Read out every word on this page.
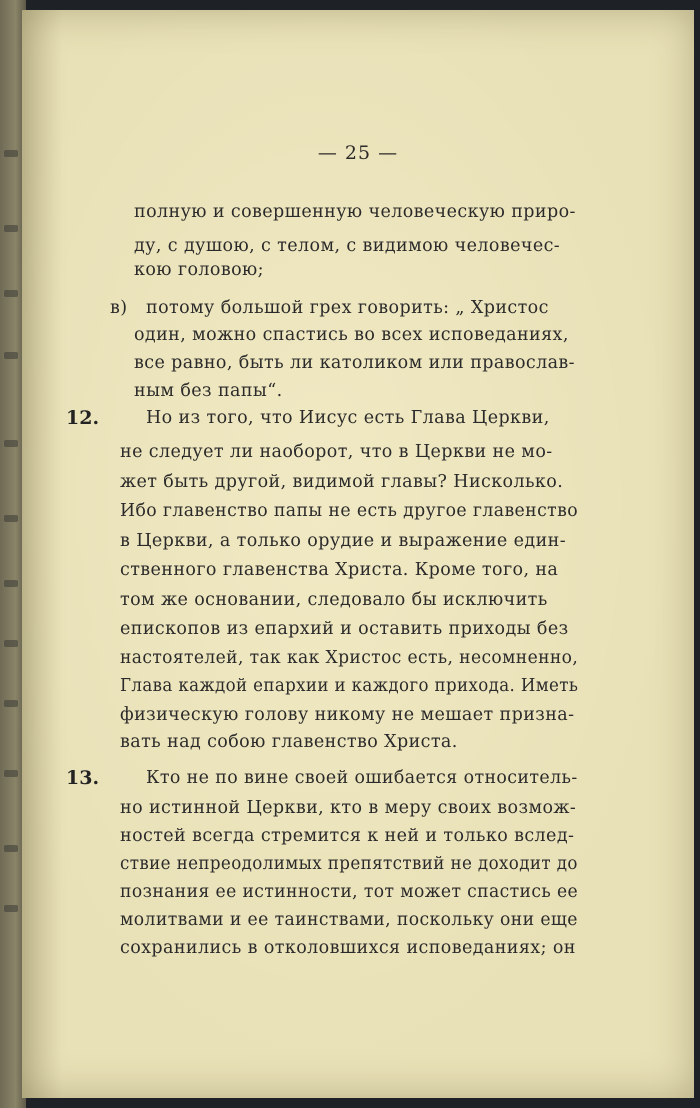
— 25 —
полную и совершенную человеческую приро-
ду, с душою, с телом, с видимою человечес-
кою головою;
в) потому большой грех говорить: „ Христос
один, можно спастись во всех исповеданиях,
все равно, быть ли католиком или православ-
ным без папы“.
12.	Но из того, что Иисус есть Глава Церкви,
не следует ли наоборот, что в Церкви не мо-
жет быть другой, видимой главы? Нисколько.
Ибо главенство папы не есть другое главенство
в Церкви, а только орудие и выражение един-
ственного главенства Христа. Кроме того, на
том же основании, следовало бы исключить
епископов из епархий и оставить приходы без
настоятелей, так как Христос есть, несомненно,
Глава каждой епархии и каждого прихода. Иметь
физическую голову никому не мешает призна-
вать над собою главенство Христа.
13.	Кто не по вине своей ошибается относитель-
но истинной Церкви, кто в меру своих возмож-
ностей всегда стремится к ней и только вслед-
ствие непреодолимых препятствий не доходит до
познания ее истинности, тот может спастись ее
молитвами и ее таинствами, поскольку они еще
сохранились в отколовшихся исповеданиях; он
